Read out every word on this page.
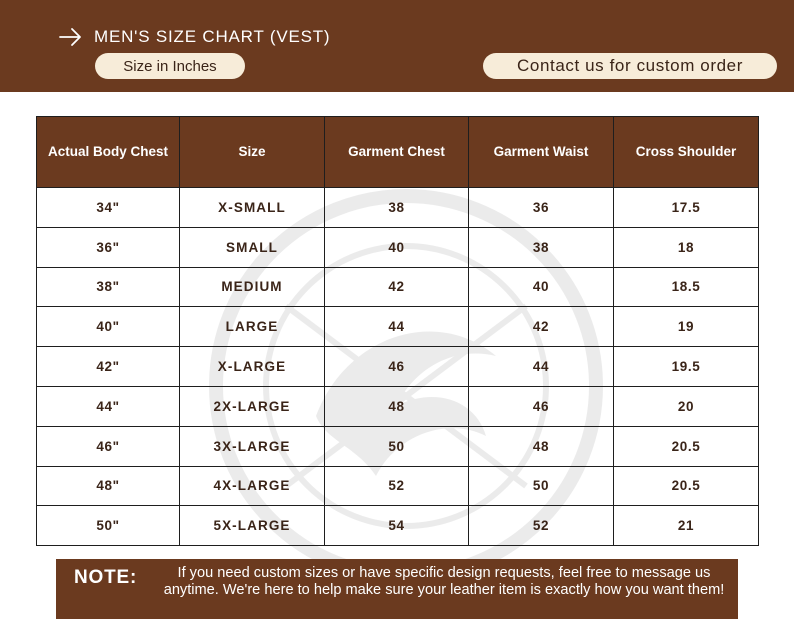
MEN'S SIZE CHART (VEST)
Size in Inches	Contact us for custom order
Actual Body Chest	Size	Garment Chest	Garment Waist	Cross Shoulder
34"	X-SMALL	38	36	17.5
36"	SMALL	40	38	18
38"	MEDIUM	42	40	18.5
40"	LARGE	44	42	19
42"	X-LARGE	46	44	19.5
44"	2X-LARGE	48	46	20
46"	3X-LARGE	50	48	20.5
48"	4X-LARGE	52	50	20.5
50"	5X-LARGE	54	52	21
NOTE:	If you need custom sizes or have specific design requests, feel free to message us anytime. We're here to help make sure your leather item is exactly how you want them!
